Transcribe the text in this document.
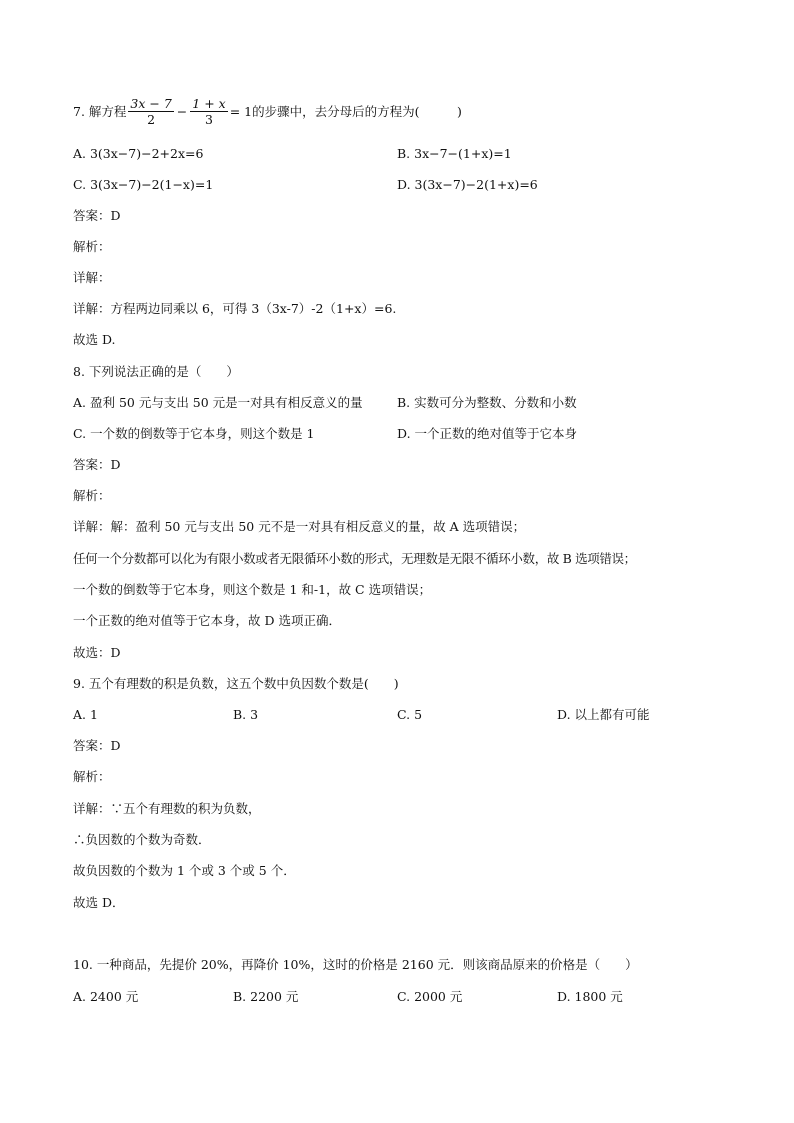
7. 解方程 $\frac{3x - 7}{2} - \frac{1 + x}{3} = 1$的步骤中，去分母后的方程为(　　　)
A. 3(3x−7)−2+2x=6	B. 3x−7−(1+x)=1
C. 3(3x−7)−2(1−x)=1	D. 3(3x−7)−2(1+x)=6
答案：D
解析：
详解：
详解：方程两边同乘以 6，可得 3（3x-7）-2（1+x）=6.
故选 D.
8. 下列说法正确的是（　　）
A. 盈利 50 元与支出 50 元是一对具有相反意义的量	B. 实数可分为整数、分数和小数
C. 一个数的倒数等于它本身，则这个数是 1	D. 一个正数的绝对值等于它本身
答案：D
解析：
详解：解：盈利 50 元与支出 50 元不是一对具有相反意义的量，故 A 选项错误；
任何一个分数都可以化为有限小数或者无限循环小数的形式，无理数是无限不循环小数，故 B 选项错误；
一个数的倒数等于它本身，则这个数是 1 和-1，故 C 选项错误；
一个正数的绝对值等于它本身，故 D 选项正确．
故选：D
9. 五个有理数的积是负数，这五个数中负因数个数是(　　)
A. 1	B. 3	C. 5	D. 以上都有可能
答案：D
解析：
详解：∵五个有理数的积为负数，
∴负因数的个数为奇数．
故负因数的个数为 1 个或 3 个或 5 个．
故选 D．
10. 一种商品，先提价 20%，再降价 10%，这时的价格是 2160 元．则该商品原来的价格是（　　）
A. 2400 元	B. 2200 元	C. 2000 元	D. 1800 元
